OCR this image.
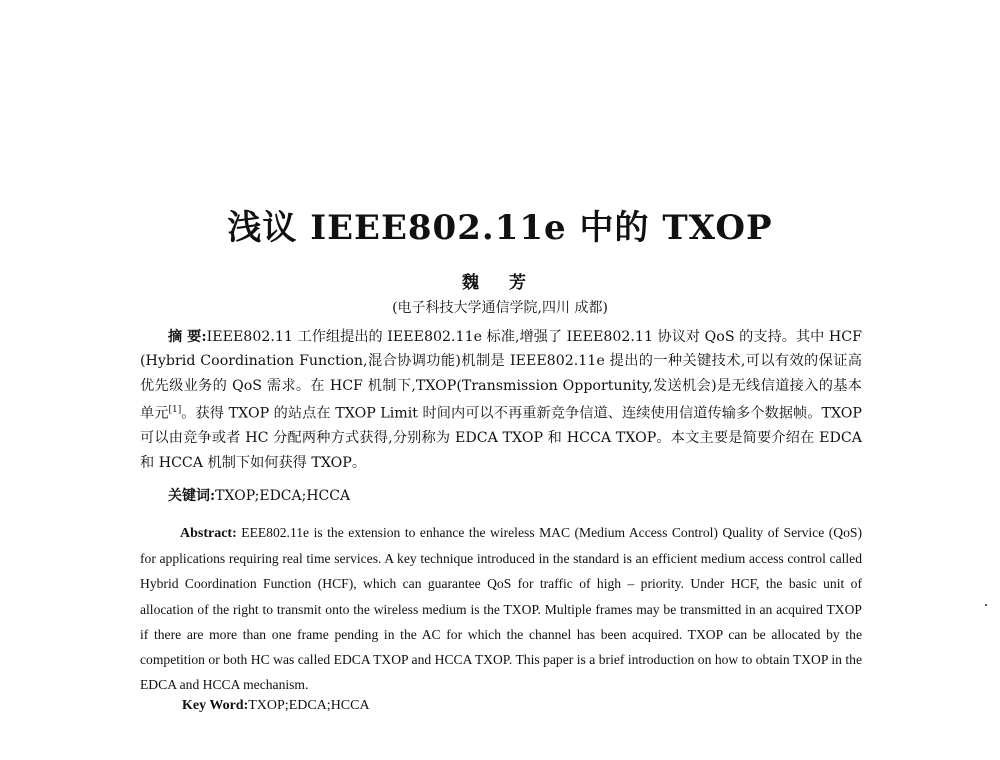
浅议 IEEE802.11e 中的 TXOP
魏 芳
(电子科技大学通信学院,四川 成都)
摘 要:IEEE802.11 工作组提出的 IEEE802.11e 标准,增强了 IEEE802.11 协议对 QoS 的支持。其中 HCF (Hybrid Coordination Function,混合协调功能)机制是 IEEE802.11e 提出的一种关键技术,可以有效的保证高优先级业务的 QoS 需求。在 HCF 机制下,TXOP(Transmission Opportunity,发送机会)是无线信道接入的基本单元[1]。获得 TXOP 的站点在 TXOP Limit 时间内可以不再重新竞争信道、连续使用信道传输多个数据帧。TXOP 可以由竞争或者 HC 分配两种方式获得,分别称为 EDCA TXOP 和 HCCA TXOP。本文主要是简要介绍在 EDCA 和 HCCA 机制下如何获得 TXOP。
关键词:TXOP;EDCA;HCCA
Abstract: EEE802.11e is the extension to enhance the wireless MAC (Medium Access Control) Quality of Service (QoS) for applications requiring real time services. A key technique introduced in the standard is an efficient medium access control called Hybrid Coordination Function (HCF), which can guarantee QoS for traffic of high – priority. Under HCF, the basic unit of allocation of the right to transmit onto the wireless medium is the TXOP. Multiple frames may be transmitted in an acquired TXOP if there are more than one frame pending in the AC for which the channel has been acquired. TXOP can be allocated by the competition or both HC was called EDCA TXOP and HCCA TXOP. This paper is a brief introduction on how to obtain TXOP in the EDCA and HCCA mechanism.
Key Word:TXOP;EDCA;HCCA
